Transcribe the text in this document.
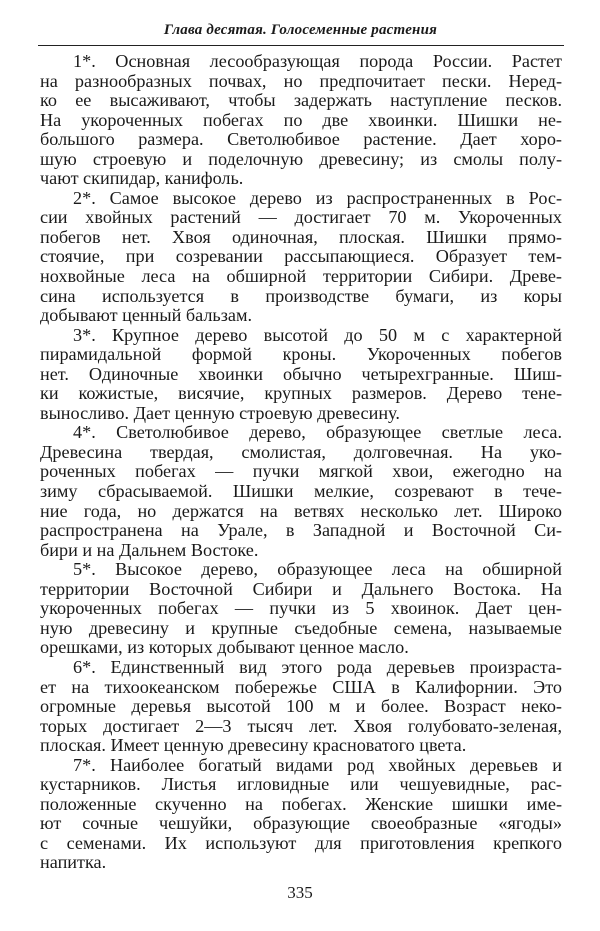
Глава десятая. Голосеменные растения
1*. Основная лесообразующая порода России. Растет
на разнообразных почвах, но предпочитает пески. Неред-
ко ее высаживают, чтобы задержать наступление песков.
На укороченных побегах по две хвоинки. Шишки не-
большого размера. Светолюбивое растение. Дает хоро-
шую строевую и поделочную древесину; из смолы полу-
чают скипидар, канифоль.
2*. Самое высокое дерево из распространенных в Рос-
сии хвойных растений — достигает 70 м. Укороченных
побегов нет. Хвоя одиночная, плоская. Шишки прямо-
стоячие, при созревании рассыпающиеся. Образует тем-
нохвойные леса на обширной территории Сибири. Древе-
сина используется в производстве бумаги, из коры
добывают ценный бальзам.
3*. Крупное дерево высотой до 50 м с характерной
пирамидальной формой кроны. Укороченных побегов
нет. Одиночные хвоинки обычно четырехгранные. Шиш-
ки кожистые, висячие, крупных размеров. Дерево тене-
выносливо. Дает ценную строевую древесину.
4*. Светолюбивое дерево, образующее светлые леса.
Древесина твердая, смолистая, долговечная. На уко-
роченных побегах — пучки мягкой хвои, ежегодно на
зиму сбрасываемой. Шишки мелкие, созревают в тече-
ние года, но держатся на ветвях несколько лет. Широко
распространена на Урале, в Западной и Восточной Си-
бири и на Дальнем Востоке.
5*. Высокое дерево, образующее леса на обширной
территории Восточной Сибири и Дальнего Востока. На
укороченных побегах — пучки из 5 хвоинок. Дает цен-
ную древесину и крупные съедобные семена, называемые
орешками, из которых добывают ценное масло.
6*. Единственный вид этого рода деревьев произраста-
ет на тихоокеанском побережье США в Калифорнии. Это
огромные деревья высотой 100 м и более. Возраст неко-
торых достигает 2—3 тысяч лет. Хвоя голубовато-зеленая,
плоская. Имеет ценную древесину красноватого цвета.
7*. Наиболее богатый видами род хвойных деревьев и
кустарников. Листья игловидные или чешуевидные, рас-
положенные скученно на побегах. Женские шишки име-
ют сочные чешуйки, образующие своеобразные «ягоды»
с семенами. Их используют для приготовления крепкого
напитка.
335
